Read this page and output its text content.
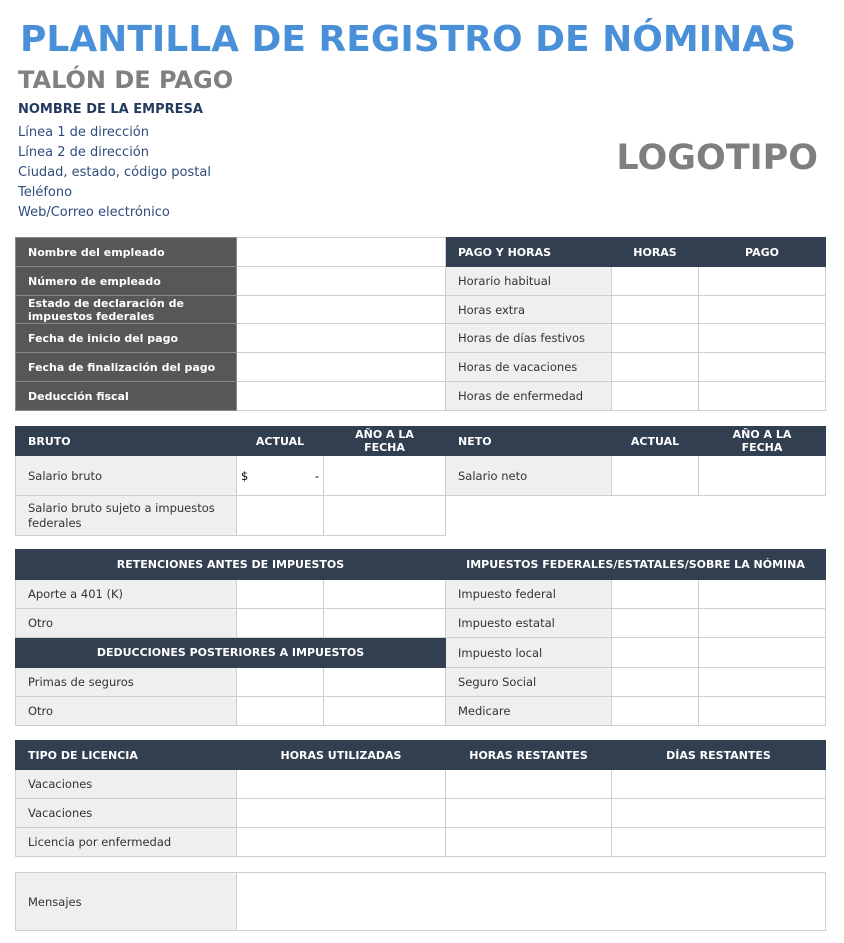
PLANTILLA DE REGISTRO DE NÓMINAS
TALÓN DE PAGO
NOMBRE DE LA EMPRESA
Línea 1 de dirección
Línea 2 de dirección
Ciudad, estado, código postal
Teléfono
Web/Correo electrónico
LOGOTIPO
Nombre del empleado		PAGO Y HORAS	HORAS	PAGO
Número de empleado		Horario habitual		
Estado de declaración de impuestos federales		Horas extra		
Fecha de inicio del pago		Horas de días festivos		
Fecha de finalización del pago		Horas de vacaciones		
Deducción fiscal		Horas de enfermedad		
BRUTO	ACTUAL	AÑO A LA FECHA	NETO	ACTUAL	AÑO A LA FECHA
Salario bruto	$ -		Salario neto		
Salario bruto sujeto a impuestos federales					
RETENCIONES ANTES DE IMPUESTOS			IMPUESTOS FEDERALES/ESTATALES/SOBRE LA NÓMINA		
Aporte a 401 (K)			Impuesto federal		
Otro			Impuesto estatal		
DEDUCCIONES POSTERIORES A IMPUESTOS			Impuesto local		
Primas de seguros			Seguro Social		
Otro			Medicare		
TIPO DE LICENCIA	HORAS UTILIZADAS	HORAS RESTANTES	DÍAS RESTANTES
Vacaciones			
Vacaciones			
Licencia por enfermedad			
Mensajes	
